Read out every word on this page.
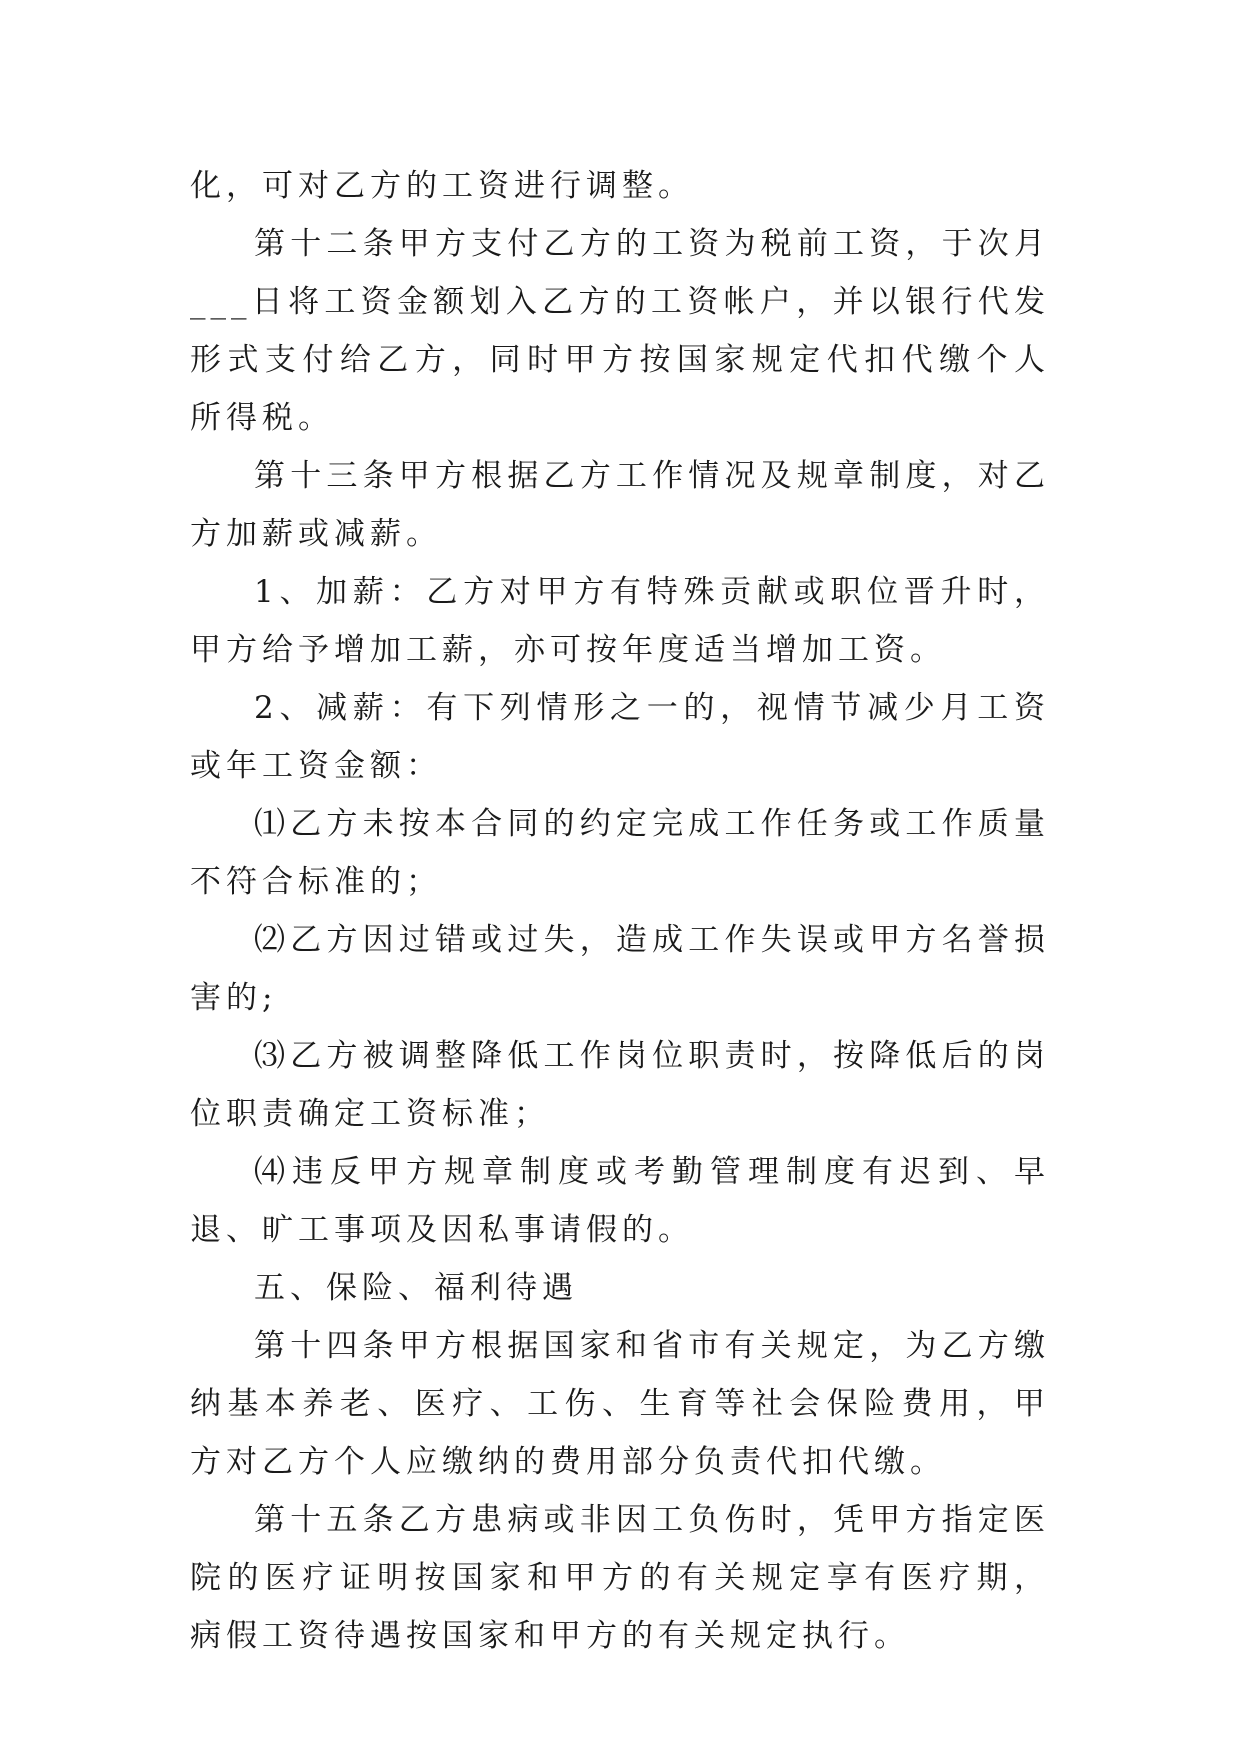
化，可对乙方的工资进行调整。

第十二条甲方支付乙方的工资为税前工资，于次月___日将工资金额划入乙方的工资帐户，并以银行代发形式支付给乙方，同时甲方按国家规定代扣代缴个人所得税。

第十三条甲方根据乙方工作情况及规章制度，对乙方加薪或减薪。

1、加薪：乙方对甲方有特殊贡献或职位晋升时，甲方给予增加工薪，亦可按年度适当增加工资。

2、减薪：有下列情形之一的，视情节减少月工资或年工资金额：

⑴乙方未按本合同的约定完成工作任务或工作质量不符合标准的；

⑵乙方因过错或过失，造成工作失误或甲方名誉损害的;

⑶乙方被调整降低工作岗位职责时，按降低后的岗位职责确定工资标准；

⑷违反甲方规章制度或考勤管理制度有迟到、早退、旷工事项及因私事请假的。

五、保险、福利待遇

第十四条甲方根据国家和省市有关规定，为乙方缴纳基本养老、医疗、工伤、生育等社会保险费用，甲方对乙方个人应缴纳的费用部分负责代扣代缴。

第十五条乙方患病或非因工负伤时，凭甲方指定医院的医疗证明按国家和甲方的有关规定享有医疗期，病假工资待遇按国家和甲方的有关规定执行。
